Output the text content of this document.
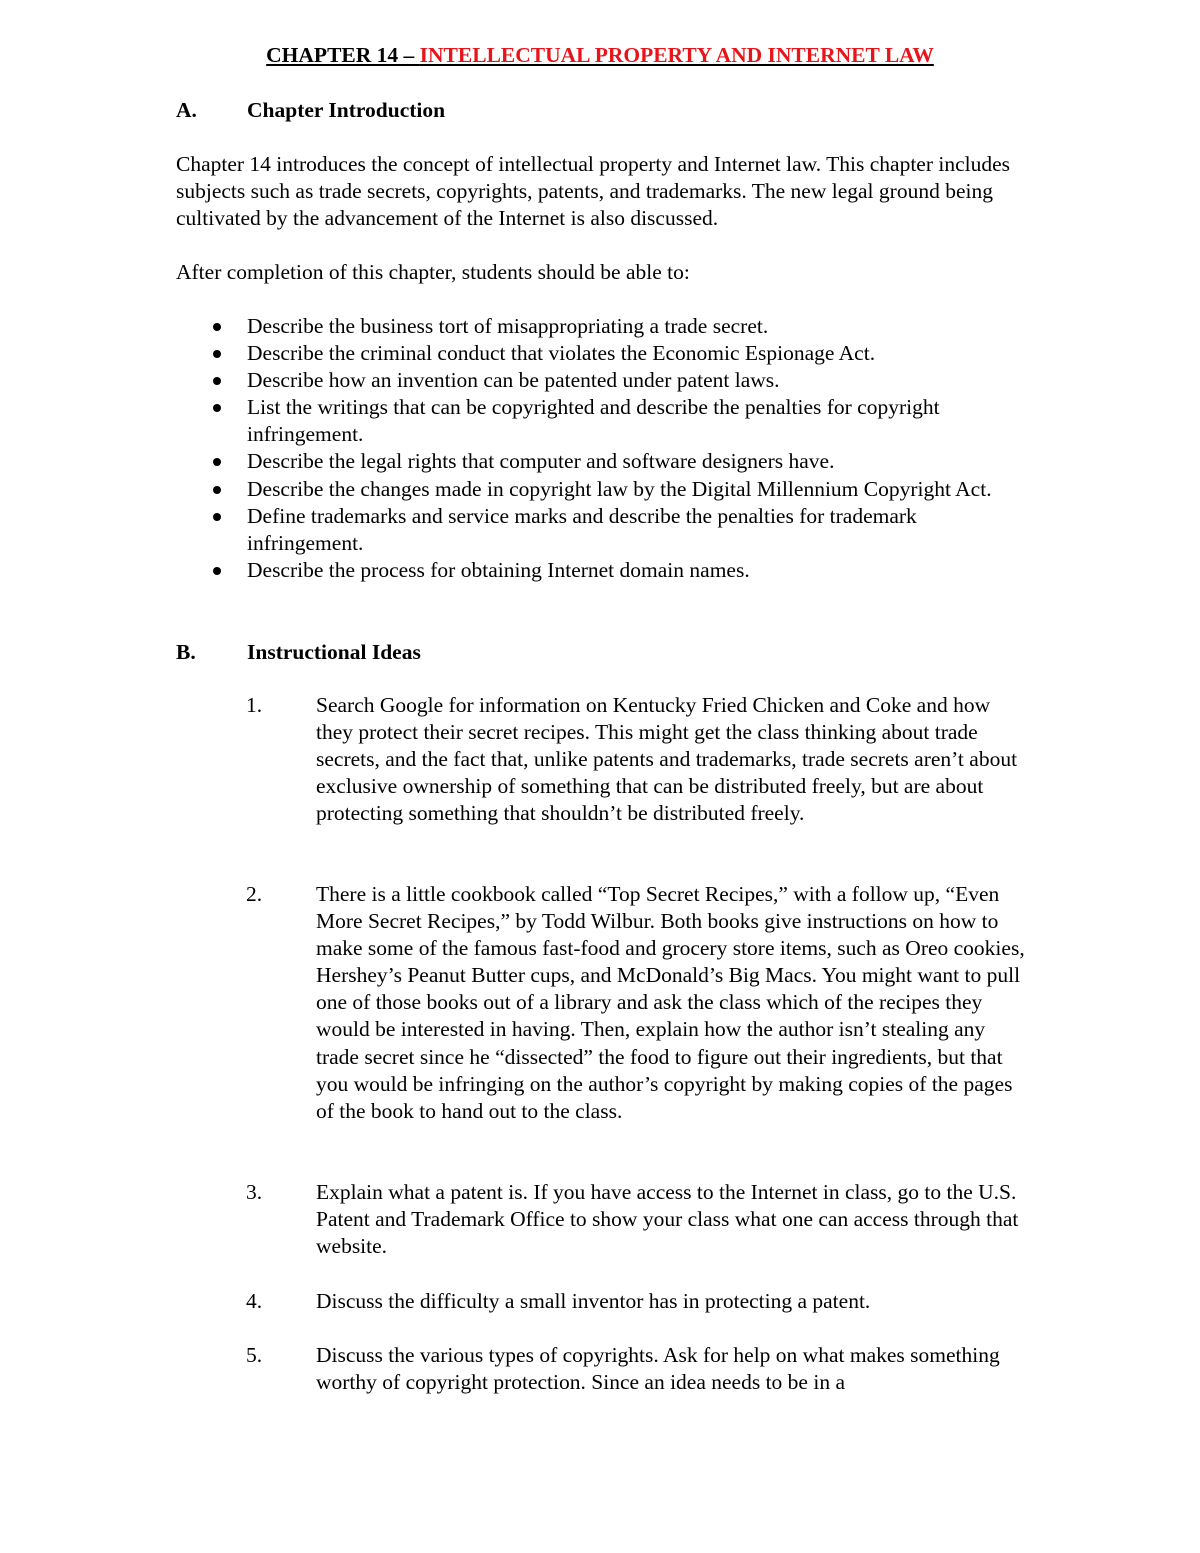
CHAPTER 14 – INTELLECTUAL PROPERTY AND INTERNET LAW
A. Chapter Introduction
Chapter 14 introduces the concept of intellectual property and Internet law. This chapter includes subjects such as trade secrets, copyrights, patents, and trademarks. The new legal ground being cultivated by the advancement of the Internet is also discussed.
After completion of this chapter, students should be able to:
Describe the business tort of misappropriating a trade secret.
Describe the criminal conduct that violates the Economic Espionage Act.
Describe how an invention can be patented under patent laws.
List the writings that can be copyrighted and describe the penalties for copyright infringement.
Describe the legal rights that computer and software designers have.
Describe the changes made in copyright law by the Digital Millennium Copyright Act.
Define trademarks and service marks and describe the penalties for trademark infringement.
Describe the process for obtaining Internet domain names.
B. Instructional Ideas
1.	Search Google for information on Kentucky Fried Chicken and Coke and how they protect their secret recipes. This might get the class thinking about trade secrets, and the fact that, unlike patents and trademarks, trade secrets aren’t about exclusive ownership of something that can be distributed freely, but are about protecting something that shouldn’t be distributed freely.
2.	There is a little cookbook called “Top Secret Recipes,” with a follow up, “Even More Secret Recipes,” by Todd Wilbur. Both books give instructions on how to make some of the famous fast-food and grocery store items, such as Oreo cookies, Hershey’s Peanut Butter cups, and McDonald’s Big Macs. You might want to pull one of those books out of a library and ask the class which of the recipes they would be interested in having. Then, explain how the author isn’t stealing any trade secret since he “dissected” the food to figure out their ingredients, but that you would be infringing on the author’s copyright by making copies of the pages of the book to hand out to the class.
3.	Explain what a patent is. If you have access to the Internet in class, go to the U.S. Patent and Trademark Office to show your class what one can access through that website.
4.	Discuss the difficulty a small inventor has in protecting a patent.
5.	Discuss the various types of copyrights. Ask for help on what makes something worthy of copyright protection. Since an idea needs to be in a
